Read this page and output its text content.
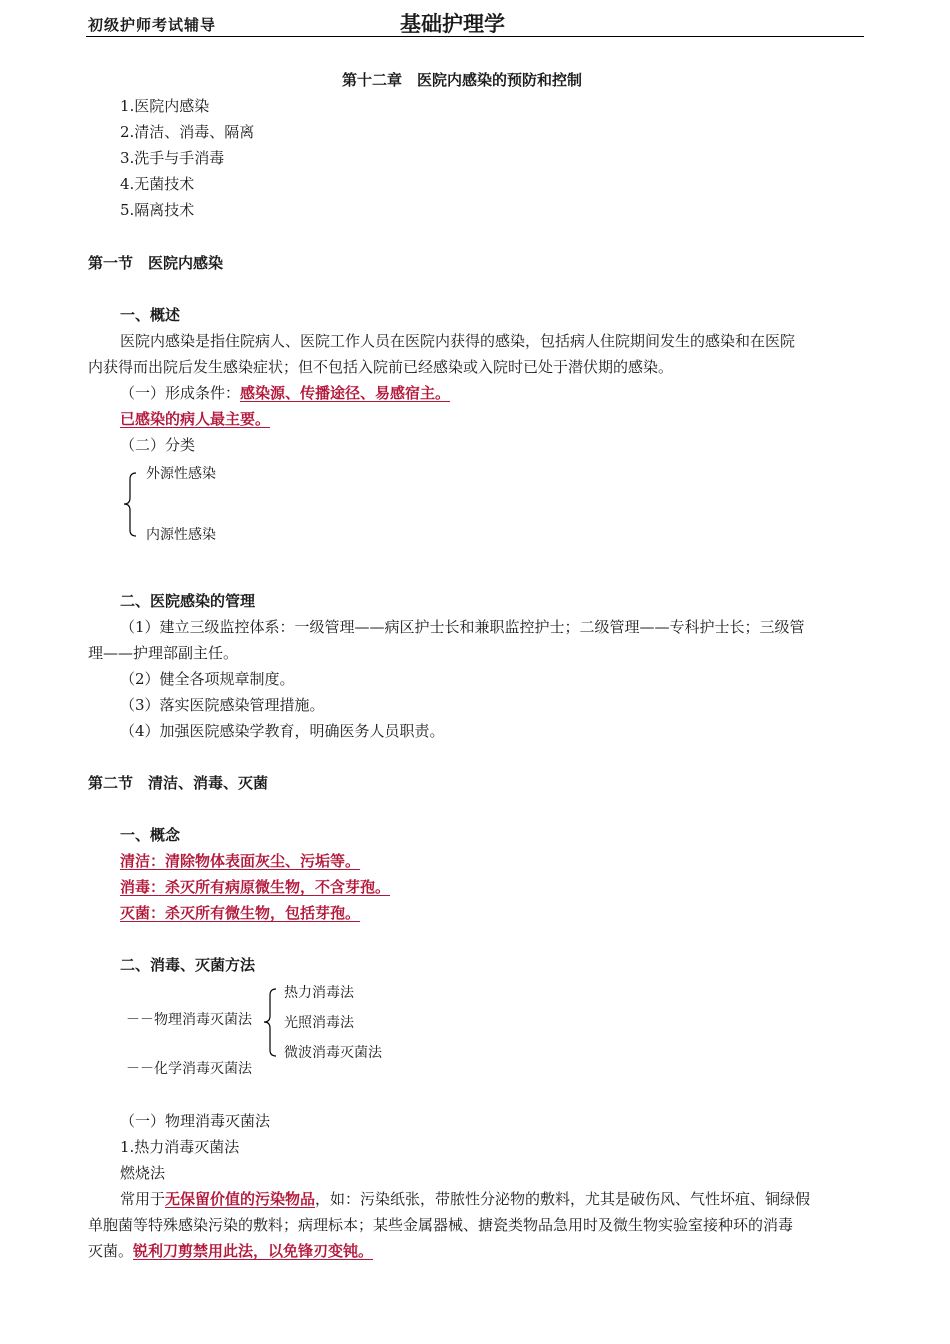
初级护师考试辅导	基础护理学
第十二章　医院内感染的预防和控制
1.医院内感染
2.清洁、消毒、隔离
3.洗手与手消毒
4.无菌技术
5.隔离技术
第一节　医院内感染
一、概述
医院内感染是指住院病人、医院工作人员在医院内获得的感染，包括病人住院期间发生的感染和在医院
内获得而出院后发生感染症状；但不包括入院前已经感染或入院时已处于潜伏期的感染。
（一）形成条件：感染源、传播途径、易感宿主。
已感染的病人最主要。
（二）分类
外源性感染
内源性感染
二、医院感染的管理
（1）建立三级监控体系：一级管理——病区护士长和兼职监控护士；二级管理——专科护士长；三级管
理——护理部副主任。
（2）健全各项规章制度。
（3）落实医院感染管理措施。
（4）加强医院感染学教育，明确医务人员职责。
第二节　清洁、消毒、灭菌
一、概念
清洁：清除物体表面灰尘、污垢等。
消毒：杀灭所有病原微生物，不含芽孢。
灭菌：杀灭所有微生物，包括芽孢。
二、消毒、灭菌方法
－－物理消毒灭菌法
热力消毒法
光照消毒法
微波消毒灭菌法
－－化学消毒灭菌法
（一）物理消毒灭菌法
1.热力消毒灭菌法
燃烧法
常用于无保留价值的污染物品，如：污染纸张，带脓性分泌物的敷料，尤其是破伤风、气性坏疽、铜绿假
单胞菌等特殊感染污染的敷料；病理标本；某些金属器械、搪瓷类物品急用时及微生物实验室接种环的消毒
灭菌。锐利刀剪禁用此法，以免锋刃变钝。
